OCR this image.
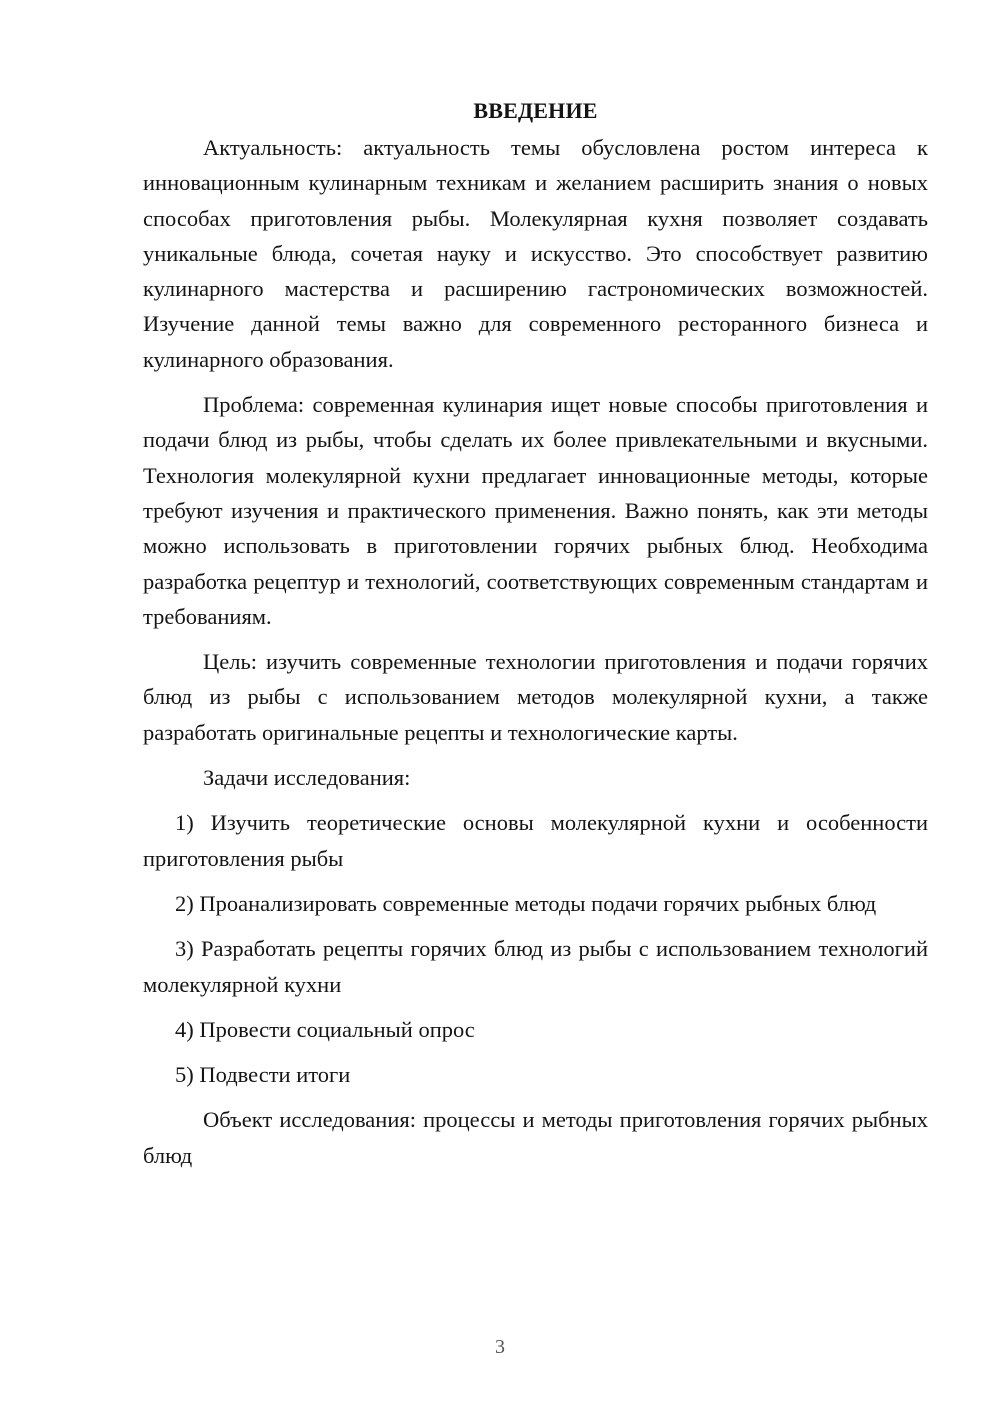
ВВЕДЕНИЕ

Актуальность: актуальность темы обусловлена ростом интереса к инновационным кулинарным техникам и желанием расширить знания о новых способах приготовления рыбы. Молекулярная кухня позволяет создавать уникальные блюда, сочетая науку и искусство. Это способствует развитию кулинарного мастерства и расширению гастрономических возможностей. Изучение данной темы важно для современного ресторанного бизнеса и кулинарного образования.

Проблема: современная кулинария ищет новые способы приготовления и подачи блюд из рыбы, чтобы сделать их более привлекательными и вкусными. Технология молекулярной кухни предлагает инновационные методы, которые требуют изучения и практического применения. Важно понять, как эти методы можно использовать в приготовлении горячих рыбных блюд. Необходима разработка рецептур и технологий, соответствующих современным стандартам и требованиям.

Цель: изучить современные технологии приготовления и подачи горячих блюд из рыбы с использованием методов молекулярной кухни, а также разработать оригинальные рецепты и технологические карты.

Задачи исследования:

1) Изучить теоретические основы молекулярной кухни и особенности приготовления рыбы

2) Проанализировать современные методы подачи горячих рыбных блюд

3) Разработать рецепты горячих блюд из рыбы с использованием технологий молекулярной кухни

4) Провести социальный опрос

5) Подвести итоги

Объект исследования: процессы и методы приготовления горячих рыбных блюд

3
